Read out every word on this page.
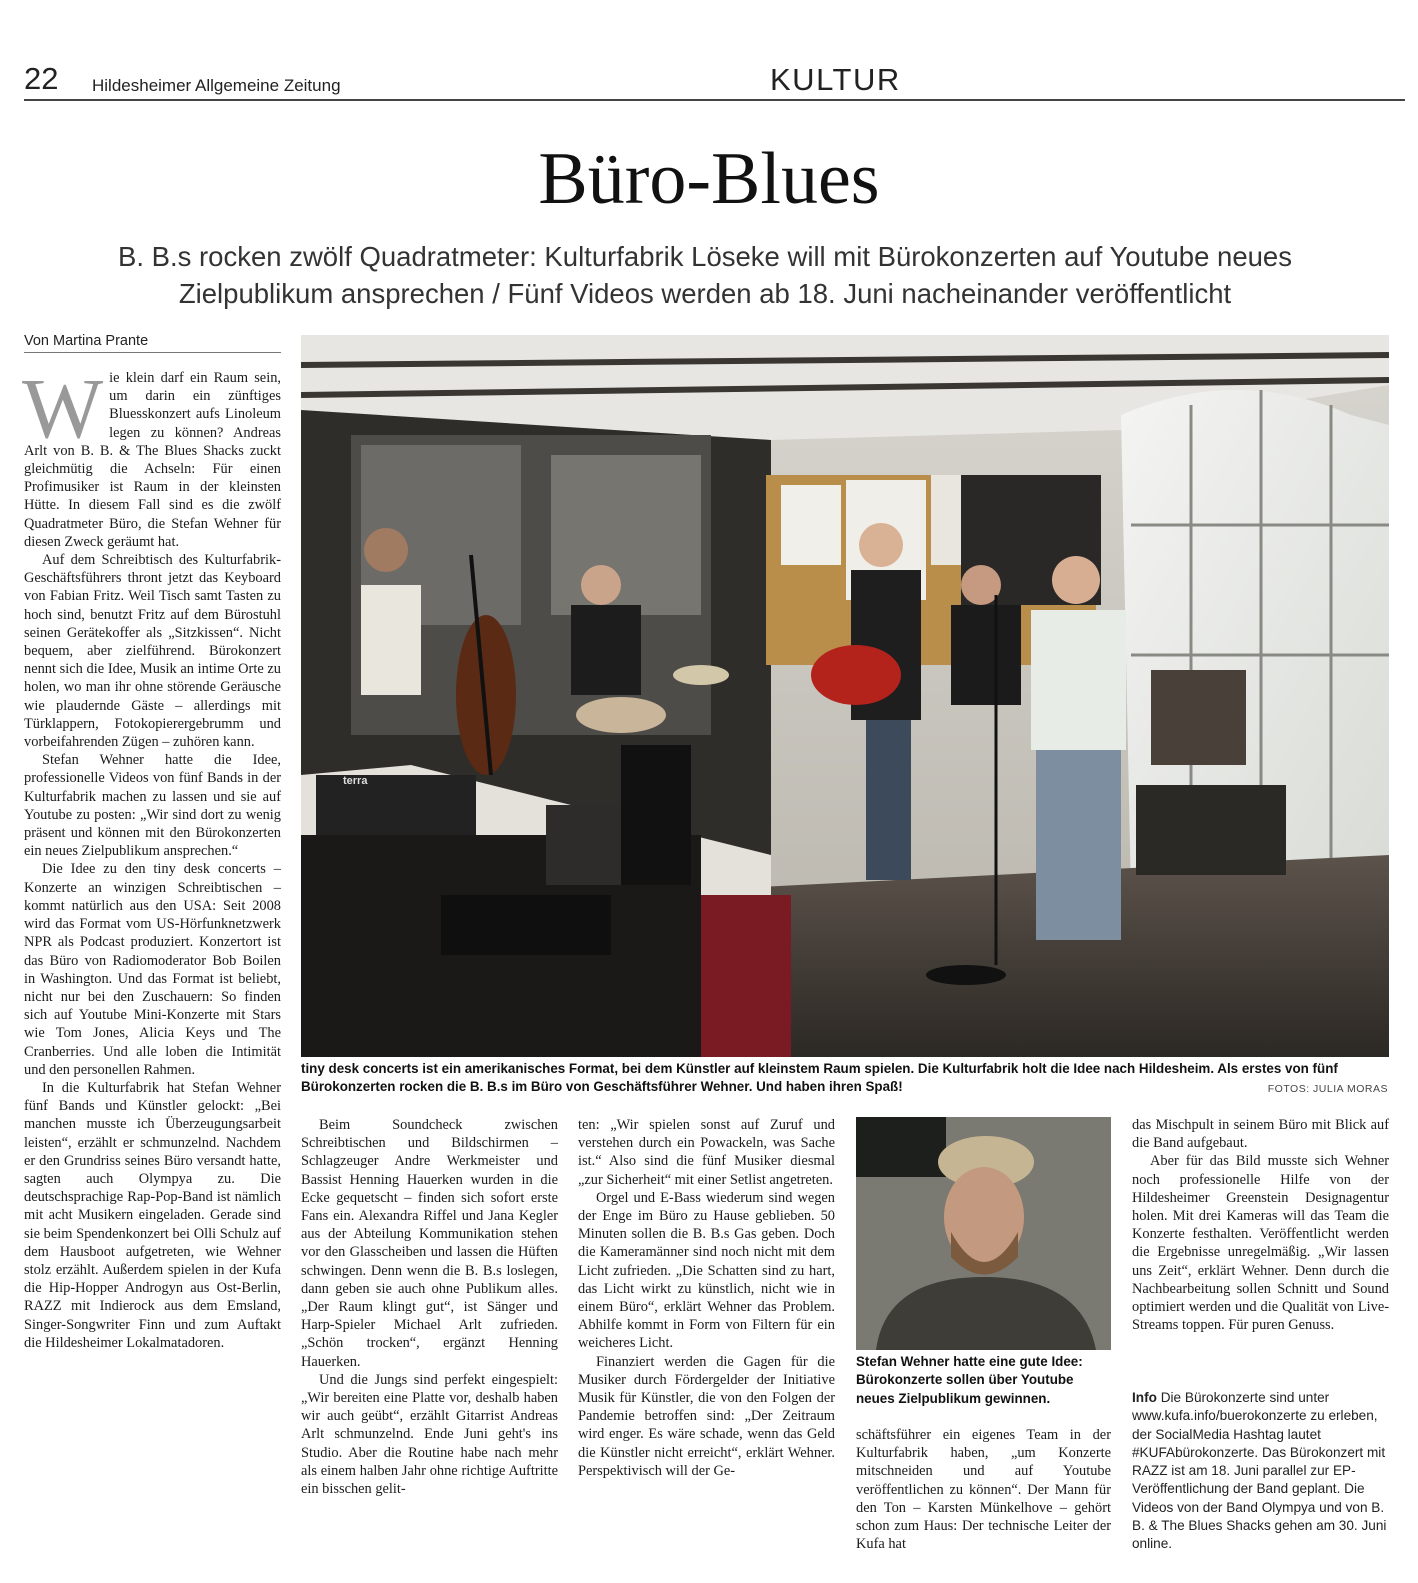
22 Hildesheimer Allgemeine Zeitung	KULTUR
Büro-Blues
B. B.s rocken zwölf Quadratmeter: Kulturfabrik Löseke will mit Bürokonzerten auf Youtube neues
Zielpublikum ansprechen / Fünf Videos werden ab 18. Juni nacheinander veröffentlicht
Von Martina Prante

Wie klein darf ein Raum sein, um darin ein zünftiges Bluesskonzert aufs Linoleum legen zu können? Andreas Arlt von B. B. & The Blues Shacks zuckt gleichmütig die Achseln: Für einen Profimusiker ist Raum in der kleinsten Hütte. In diesem Fall sind es die zwölf Quadratmeter Büro, die Stefan Wehner für diesen Zweck geräumt hat.

Auf dem Schreibtisch des Kulturfabrik-Geschäftsführers thront jetzt das Keyboard von Fabian Fritz. Weil Tisch samt Tasten zu hoch sind, benutzt Fritz auf dem Bürostuhl seinen Gerätekoffer als „Sitzkissen“. Nicht bequem, aber zielführend. Bürokonzert nennt sich die Idee, Musik an intime Orte zu holen, wo man ihr ohne störende Geräusche wie plaudernde Gäste – allerdings mit Türklappern, Fotokopierergebrumm und vorbeifahrenden Zügen – zuhören kann.

Stefan Wehner hatte die Idee, professionelle Videos von fünf Bands in der Kulturfabrik machen zu lassen und sie auf Youtube zu posten: „Wir sind dort zu wenig präsent und können mit den Bürokonzerten ein neues Zielpublikum ansprechen.“

Die Idee zu den tiny desk concerts – Konzerte an winzigen Schreibtischen – kommt natürlich aus den USA: Seit 2008 wird das Format vom US-Hörfunknetzwerk NPR als Podcast produziert. Konzertort ist das Büro von Radiomoderator Bob Boilen in Washington. Und das Format ist beliebt, nicht nur bei den Zuschauern: So finden sich auf Youtube Mini-Konzerte mit Stars wie Tom Jones, Alicia Keys und The Cranberries. Und alle loben die Intimität und den personellen Rahmen.

In die Kulturfabrik hat Stefan Wehner fünf Bands und Künstler gelockt: „Bei manchen musste ich Überzeugungsarbeit leisten“, erzählt er schmunzelnd. Nachdem er den Grundriss seines Büro versandt hatte, sagten auch Olympya zu. Die deutschsprachige Rap-Pop-Band ist nämlich mit acht Musikern eingeladen. Gerade sind sie beim Spendenkonzert bei Olli Schulz auf dem Hausboot aufgetreten, wie Wehner stolz erzählt. Außerdem spielen in der Kufa die Hip-Hopper Androgyn aus Ost-Berlin, RAZZ mit Indierock aus dem Emsland, Singer-Songwriter Finn und zum Auftakt die Hildesheimer Lokalmatadoren.

terra
tiny desk concerts ist ein amerikanisches Format, bei dem Künstler auf kleinstem Raum spielen. Die Kulturfabrik holt die Idee nach Hildesheim. Als erstes von fünf Bürokonzerten rocken die B. B.s im Büro von Geschäftsführer Wehner. Und haben ihren Spaß!	FOTOS: JULIA MORAS

Beim Soundcheck zwischen Schreibtischen und Bildschirmen – Schlagzeuger Andre Werkmeister und Bassist Henning Hauerken wurden in die Ecke gequetscht – finden sich sofort erste Fans ein. Alexandra Riffel und Jana Kegler aus der Abteilung Kommunikation stehen vor den Glasscheiben und lassen die Hüften schwingen. Denn wenn die B. B.s loslegen, dann geben sie auch ohne Publikum alles. „Der Raum klingt gut“, ist Sänger und Harp-Spieler Michael Arlt zufrieden. „Schön trocken“, ergänzt Henning Hauerken.

Und die Jungs sind perfekt eingespielt: „Wir bereiten eine Platte vor, deshalb haben wir auch geübt“, erzählt Gitarrist Andreas Arlt schmunzelnd. Ende Juni geht's ins Studio. Aber die Routine habe nach mehr als einem halben Jahr ohne richtige Auftritte ein bisschen gelit-

ten: „Wir spielen sonst auf Zuruf und verstehen durch ein Powackeln, was Sache ist.“ Also sind die fünf Musiker diesmal „zur Sicherheit“ mit einer Setlist angetreten.

Orgel und E-Bass wiederum sind wegen der Enge im Büro zu Hause geblieben. 50 Minuten sollen die B. B.s Gas geben. Doch die Kameramänner sind noch nicht mit dem Licht zufrieden. „Die Schatten sind zu hart, das Licht wirkt zu künstlich, nicht wie in einem Büro“, erklärt Wehner das Problem. Abhilfe kommt in Form von Filtern für ein weicheres Licht.

Finanziert werden die Gagen für die Musiker durch Fördergelder der Initiative Musik für Künstler, die von den Folgen der Pandemie betroffen sind: „Der Zeitraum wird enger. Es wäre schade, wenn das Geld die Künstler nicht erreicht“, erklärt Wehner. Perspektivisch will der Ge-

Stefan Wehner hatte eine gute Idee: Bürokonzerte sollen über Youtube neues Zielpublikum gewinnen.

schäftsführer ein eigenes Team in der Kulturfabrik haben, „um Konzerte mitschneiden und auf Youtube veröffentlichen zu können“. Der Mann für den Ton – Karsten Münkelhove – gehört schon zum Haus: Der technische Leiter der Kufa hat

das Mischpult in seinem Büro mit Blick auf die Band aufgebaut.

Aber für das Bild musste sich Wehner noch professionelle Hilfe von der Hildesheimer Greenstein Designagentur holen. Mit drei Kameras will das Team die Konzerte festhalten. Veröffentlicht werden die Ergebnisse unregelmäßig. „Wir lassen uns Zeit“, erklärt Wehner. Denn durch die Nachbearbeitung sollen Schnitt und Sound optimiert werden und die Qualität von Live-Streams toppen. Für puren Genuss.

Info Die Bürokonzerte sind unter www.kufa.info/buerokonzerte zu erleben, der SocialMedia Hashtag lautet #KUFAbürokonzerte. Das Bürokonzert mit RAZZ ist am 18. Juni parallel zur EP-Veröffentlichung der Band geplant. Die Videos von der Band Olympya und von B. B. & The Blues Shacks gehen am 30. Juni online.
